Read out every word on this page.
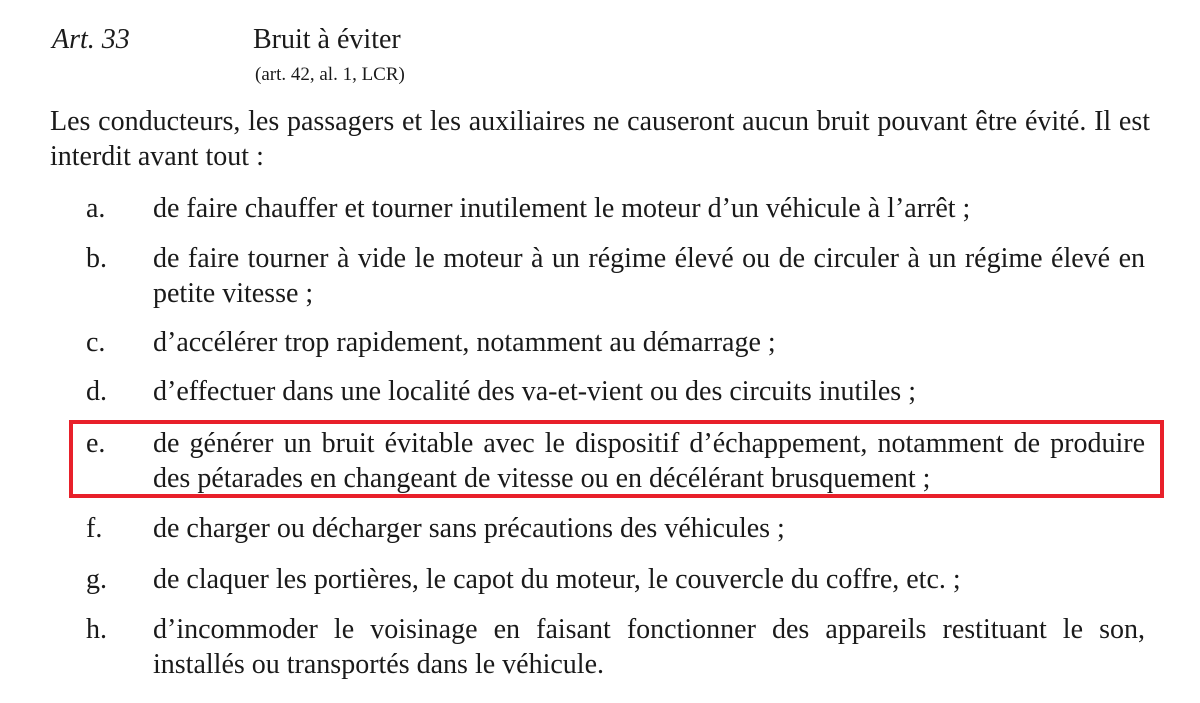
Art. 33	Bruit à éviter
(art. 42, al. 1, LCR)

Les conducteurs, les passagers et les auxiliaires ne causeront aucun bruit pouvant être évité. Il est interdit avant tout :

a. de faire chauffer et tourner inutilement le moteur d’un véhicule à l’arrêt ;
b. de faire tourner à vide le moteur à un régime élevé ou de circuler à un régime élevé en petite vitesse ;
c. d’accélérer trop rapidement, notamment au démarrage ;
d. d’effectuer dans une localité des va-et-vient ou des circuits inutiles ;
e. de générer un bruit évitable avec le dispositif d’échappement, notamment de produire des pétarades en changeant de vitesse ou en décélérant brusquement ;
f. de charger ou décharger sans précautions des véhicules ;
g. de claquer les portières, le capot du moteur, le couvercle du coffre, etc. ;
h. d’incommoder le voisinage en faisant fonctionner des appareils restituant le son, installés ou transportés dans le véhicule.
